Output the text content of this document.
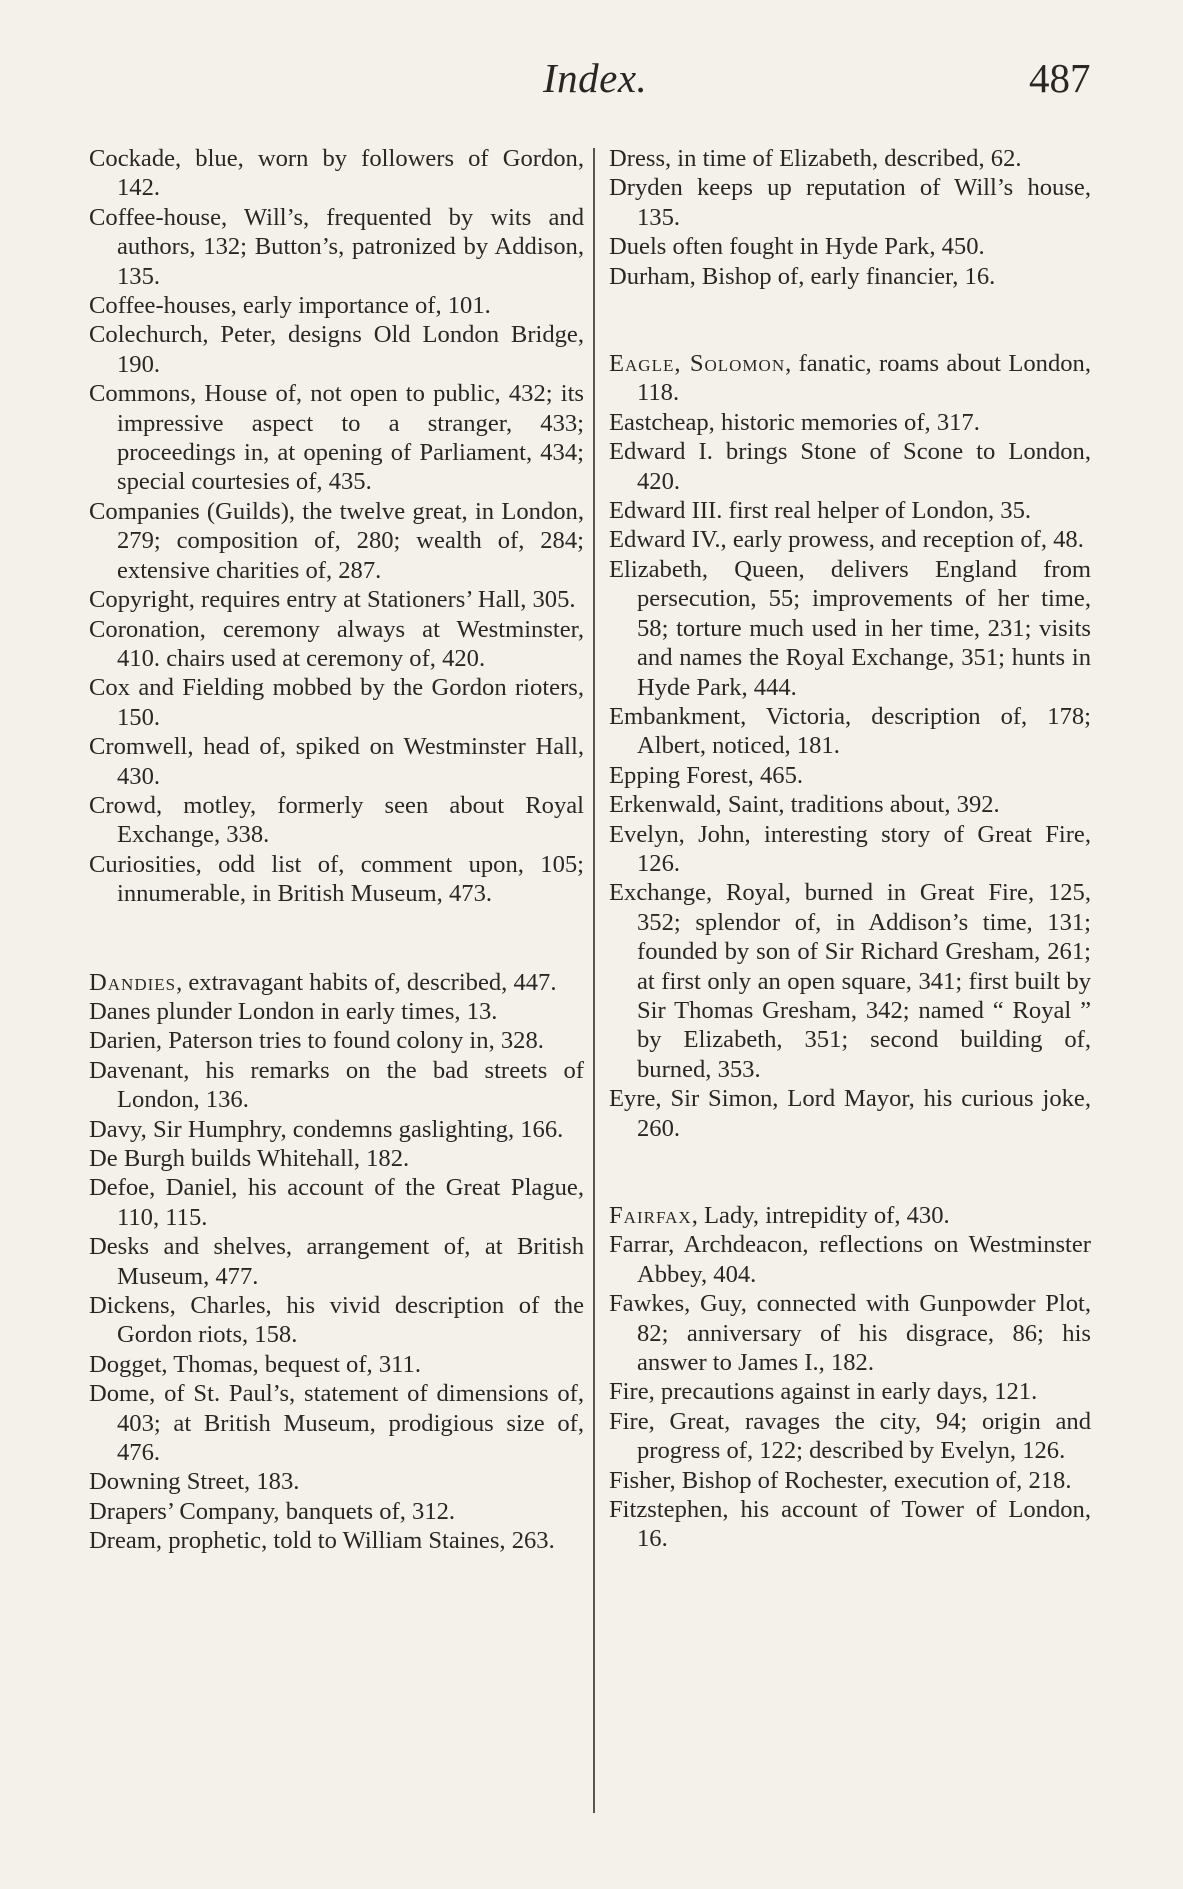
Index.	487

Cockade, blue, worn by followers of Gordon, 142.

Coffee-house, Will’s, frequented by wits and authors, 132; Button’s, patronized by Addison, 135.

Coffee-houses, early importance of, 101.

Colechurch, Peter, designs Old London Bridge, 190.

Commons, House of, not open to public, 432; its impressive aspect to a stranger, 433; proceedings in, at opening of Parliament, 434; special courtesies of, 435.

Companies (Guilds), the twelve great, in London, 279; composition of, 280; wealth of, 284; extensive charities of, 287.

Copyright, requires entry at Stationers’ Hall, 305.

Coronation, ceremony always at Westminster, 410. chairs used at ceremony of, 420.

Cox and Fielding mobbed by the Gordon rioters, 150.

Cromwell, head of, spiked on Westminster Hall, 430.

Crowd, motley, formerly seen about Royal Exchange, 338.

Curiosities, odd list of, comment upon, 105; innumerable, in British Museum, 473.

Dandies, extravagant habits of, described, 447.

Danes plunder London in early times, 13.

Darien, Paterson tries to found colony in, 328.

Davenant, his remarks on the bad streets of London, 136.

Davy, Sir Humphry, condemns gaslighting, 166.

De Burgh builds Whitehall, 182.

Defoe, Daniel, his account of the Great Plague, 110, 115.

Desks and shelves, arrangement of, at British Museum, 477.

Dickens, Charles, his vivid description of the Gordon riots, 158.

Dogget, Thomas, bequest of, 311.

Dome, of St. Paul’s, statement of dimensions of, 403; at British Museum, prodigious size of, 476.

Downing Street, 183.

Drapers’ Company, banquets of, 312.

Dream, prophetic, told to William Staines, 263.

Dress, in time of Elizabeth, described, 62.

Dryden keeps up reputation of Will’s house, 135.

Duels often fought in Hyde Park, 450.

Durham, Bishop of, early financier, 16.

Eagle, Solomon, fanatic, roams about London, 118.

Eastcheap, historic memories of, 317.

Edward I. brings Stone of Scone to London, 420.

Edward III. first real helper of London, 35.

Edward IV., early prowess, and reception of, 48.

Elizabeth, Queen, delivers England from persecution, 55; improvements of her time, 58; torture much used in her time, 231; visits and names the Royal Exchange, 351; hunts in Hyde Park, 444.

Embankment, Victoria, description of, 178; Albert, noticed, 181.

Epping Forest, 465.

Erkenwald, Saint, traditions about, 392.

Evelyn, John, interesting story of Great Fire, 126.

Exchange, Royal, burned in Great Fire, 125, 352; splendor of, in Addison’s time, 131; founded by son of Sir Richard Gresham, 261; at first only an open square, 341; first built by Sir Thomas Gresham, 342; named “ Royal ” by Elizabeth, 351; second building of, burned, 353.

Eyre, Sir Simon, Lord Mayor, his curious joke, 260.

Fairfax, Lady, intrepidity of, 430.

Farrar, Archdeacon, reflections on Westminster Abbey, 404.

Fawkes, Guy, connected with Gunpowder Plot, 82; anniversary of his disgrace, 86; his answer to James I., 182.

Fire, precautions against in early days, 121.

Fire, Great, ravages the city, 94; origin and progress of, 122; described by Evelyn, 126.

Fisher, Bishop of Rochester, execution of, 218.

Fitzstephen, his account of Tower of London, 16.
